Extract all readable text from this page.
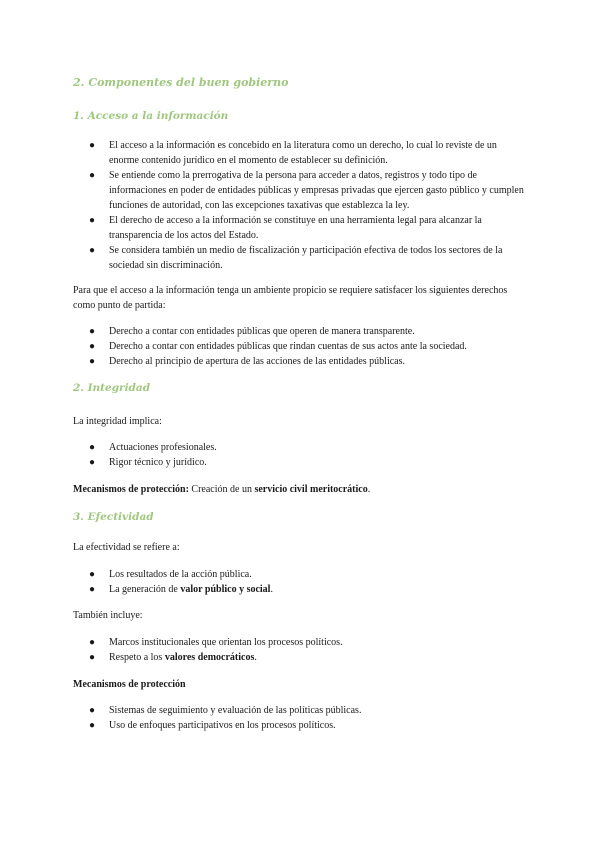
2. Componentes del buen gobierno
1. Acceso a la información
● El acceso a la información es concebido en la literatura como un derecho, lo cual lo reviste de un enorme contenido jurídico en el momento de establecer su definición.
● Se entiende como la prerrogativa de la persona para acceder a datos, registros y todo tipo de informaciones en poder de entidades públicas y empresas privadas que ejercen gasto público y cumplen funciones de autoridad, con las excepciones taxativas que establezca la ley.
● El derecho de acceso a la información se constituye en una herramienta legal para alcanzar la transparencia de los actos del Estado.
● Se considera también un medio de fiscalización y participación efectiva de todos los sectores de la sociedad sin discriminación.

Para que el acceso a la información tenga un ambiente propicio se requiere satisfacer los siguientes derechos como punto de partida:

● Derecho a contar con entidades públicas que operen de manera transparente.
● Derecho a contar con entidades públicas que rindan cuentas de sus actos ante la sociedad.
● Derecho al principio de apertura de las acciones de las entidades públicas.
2. Integridad

La integridad implica:

● Actuaciones profesionales.
● Rigor técnico y jurídico.

Mecanismos de protección: Creación de un servicio civil meritocrático.

3. Efectividad

La efectividad se refiere a:

● Los resultados de la acción pública.
● La generación de valor público y social.

También incluye:

● Marcos institucionales que orientan los procesos políticos.
● Respeto a los valores democráticos.

Mecanismos de protección

● Sistemas de seguimiento y evaluación de las políticas públicas.
● Uso de enfoques participativos en los procesos políticos.
